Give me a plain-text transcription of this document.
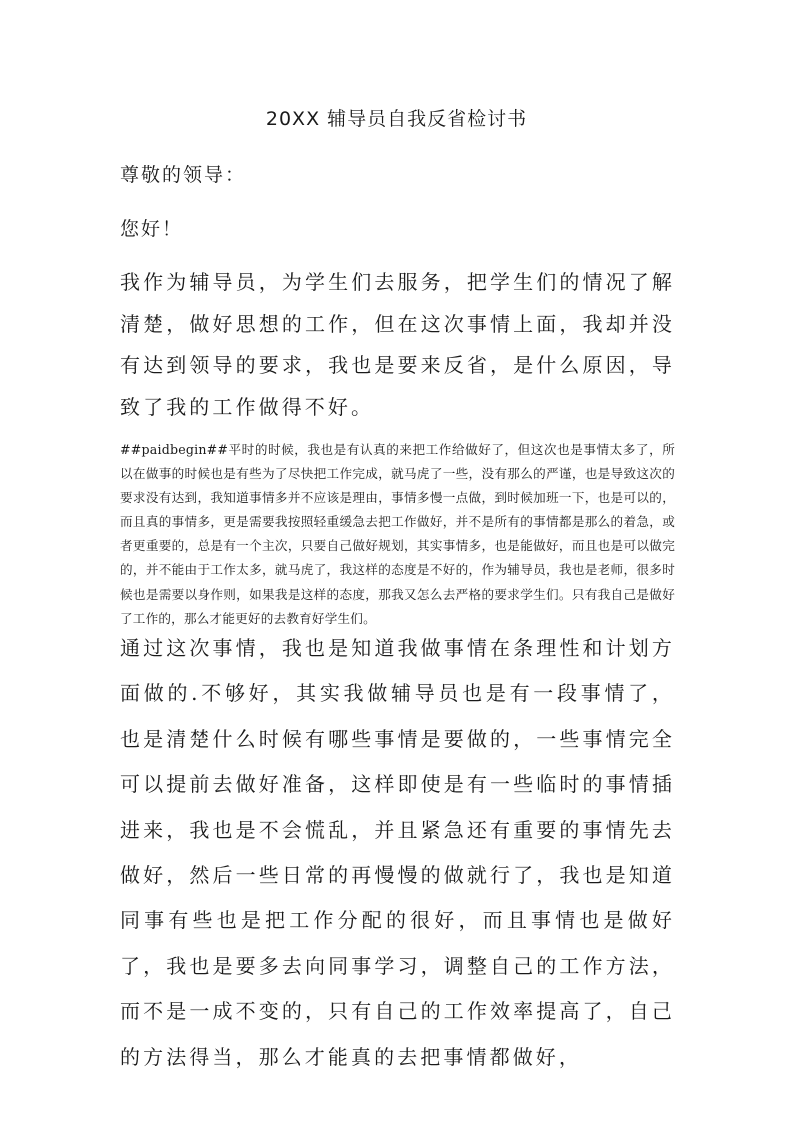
20XX 辅导员自我反省检讨书
尊敬的领导：
您好！

我作为辅导员，为学生们去服务，把学生们的情况了解清楚，做好思想的工作，但在这次事情上面，我却并没有达到领导的要求，我也是要来反省，是什么原因，导致了我的工作做得不好。

##paidbegin##平时的时候，我也是有认真的来把工作给做好了，但这次也是事情太多了，所以在做事的时候也是有些为了尽快把工作完成，就马虎了一些，没有那么的严谨，也是导致这次的要求没有达到，我知道事情多并不应该是理由，事情多慢一点做，到时候加班一下，也是可以的，而且真的事情多，更是需要我按照轻重缓急去把工作做好，并不是所有的事情都是那么的着急，或者更重要的，总是有一个主次，只要自己做好规划，其实事情多，也是能做好，而且也是可以做完的，并不能由于工作太多，就马虎了，我这样的态度是不好的，作为辅导员，我也是老师，很多时候也是需要以身作则，如果我是这样的态度，那我又怎么去严格的要求学生们。只有我自己是做好了工作的，那么才能更好的去教育好学生们。

通过这次事情，我也是知道我做事情在条理性和计划方面做的.不够好，其实我做辅导员也是有一段事情了，也是清楚什么时候有哪些事情是要做的，一些事情完全可以提前去做好准备，这样即使是有一些临时的事情插进来，我也是不会慌乱，并且紧急还有重要的事情先去做好，然后一些日常的再慢慢的做就行了，我也是知道同事有些也是把工作分配的很好，而且事情也是做好了，我也是要多去向同事学习，调整自己的工作方法，而不是一成不变的，只有自己的工作效率提高了，自己的方法得当，那么才能真的去把事情都做好，
